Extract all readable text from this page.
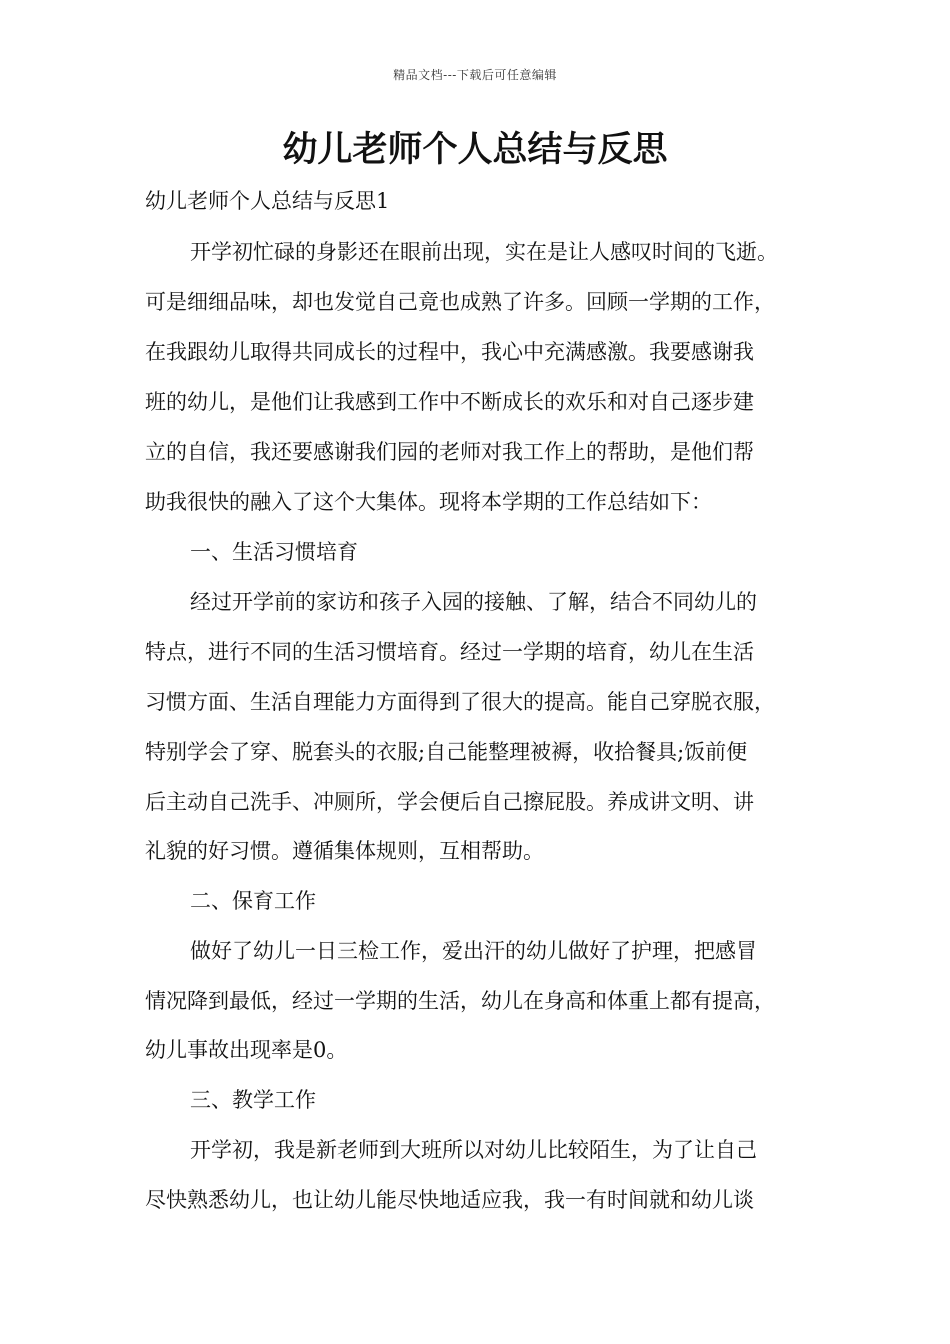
精品文档---下载后可任意编辑
幼儿老师个人总结与反思
幼儿老师个人总结与反思1
开学初忙碌的身影还在眼前出现，实在是让人感叹时间的飞逝。
可是细细品味，却也发觉自己竟也成熟了许多。回顾一学期的工作，
在我跟幼儿取得共同成长的过程中，我心中充满感激。我要感谢我
班的幼儿，是他们让我感到工作中不断成长的欢乐和对自己逐步建
立的自信，我还要感谢我们园的老师对我工作上的帮助，是他们帮
助我很快的融入了这个大集体。现将本学期的工作总结如下：
一、生活习惯培育
经过开学前的家访和孩子入园的接触、了解，结合不同幼儿的
特点，进行不同的生活习惯培育。经过一学期的培育，幼儿在生活
习惯方面、生活自理能力方面得到了很大的提高。能自己穿脱衣服，
特别学会了穿、脱套头的衣服;自己能整理被褥，收拾餐具;饭前便
后主动自己洗手、冲厕所，学会便后自己擦屁股。养成讲文明、讲
礼貌的好习惯。遵循集体规则，互相帮助。
二、保育工作
做好了幼儿一日三检工作，爱出汗的幼儿做好了护理，把感冒
情况降到最低，经过一学期的生活，幼儿在身高和体重上都有提高，
幼儿事故出现率是0。
三、教学工作
开学初，我是新老师到大班所以对幼儿比较陌生，为了让自己
尽快熟悉幼儿，也让幼儿能尽快地适应我，我一有时间就和幼儿谈
